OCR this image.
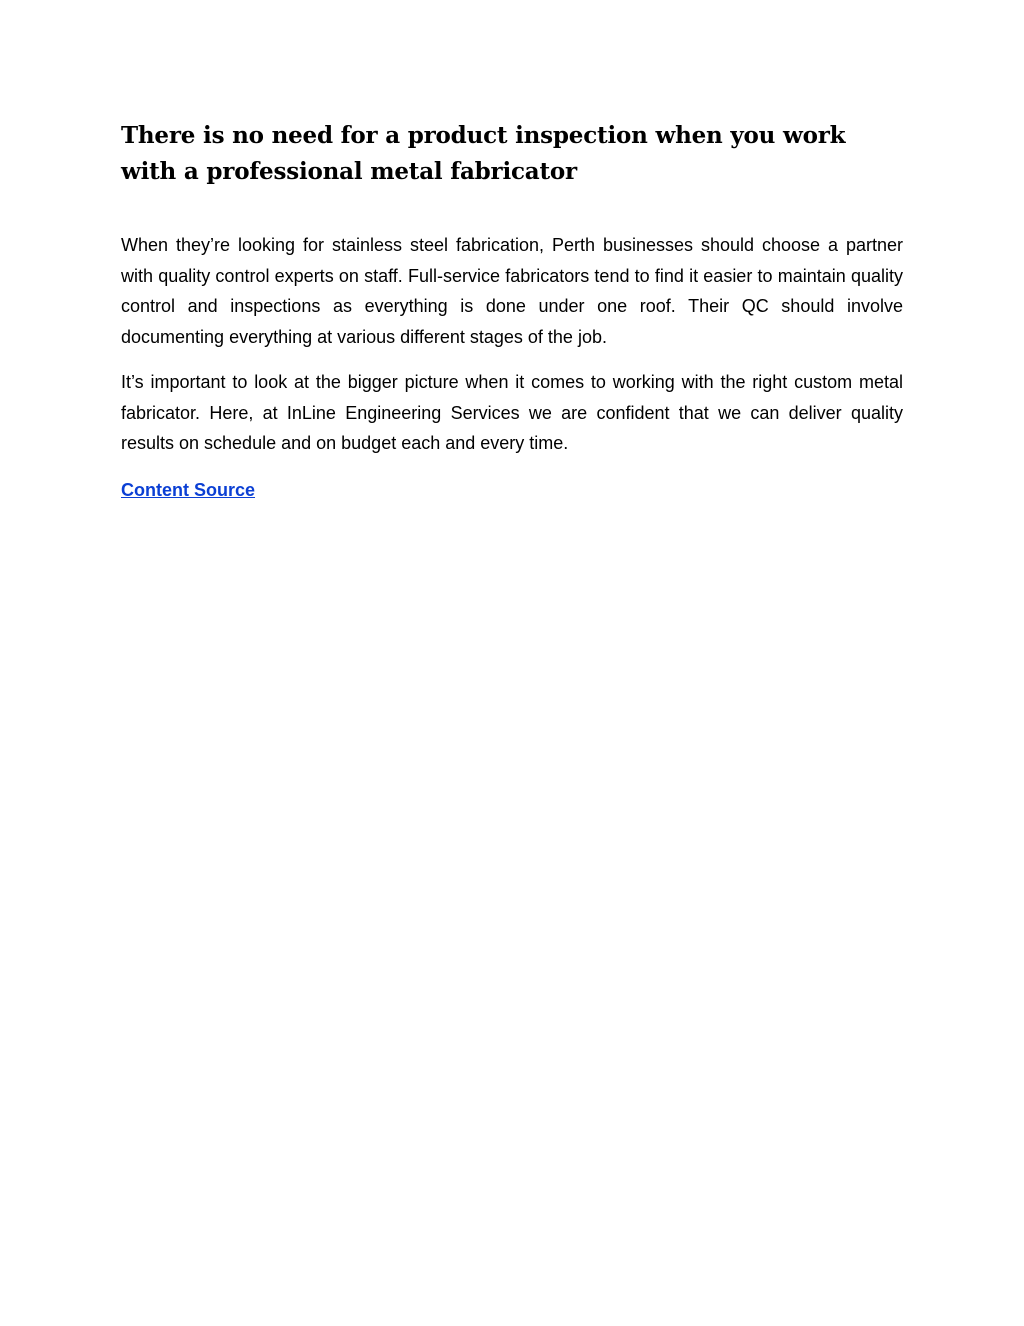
There is no need for a product inspection when you work with a professional metal fabricator

When they’re looking for stainless steel fabrication, Perth businesses should choose a partner with quality control experts on staff. Full-service fabricators tend to find it easier to maintain quality control and inspections as everything is done under one roof. Their QC should involve documenting everything at various different stages of the job.

It’s important to look at the bigger picture when it comes to working with the right custom metal fabricator. Here, at InLine Engineering Services we are confident that we can deliver quality results on schedule and on budget each and every time.

Content Source
